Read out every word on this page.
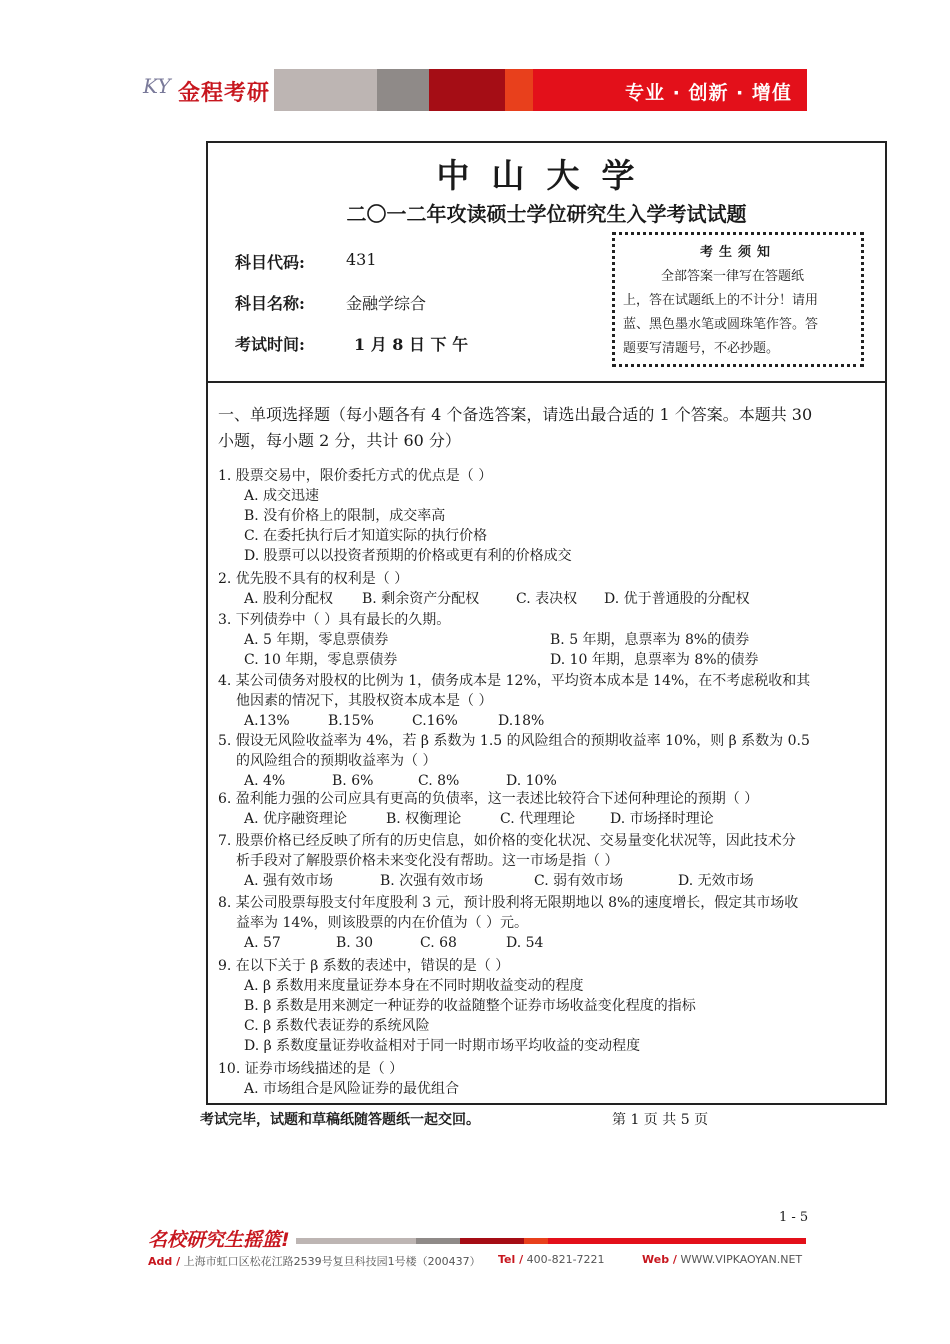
KY 金程考研	专业 · 创新 · 增值
中山大学
二〇一二年攻读硕士学位研究生入学考试试题
科目代码:	431
科目名称:	金融学综合
考试时间:	1 月 8 日 下 午
考生须知
全部答案一律写在答题纸
上，答在试题纸上的不计分！请用
蓝、黑色墨水笔或圆珠笔作答。答
题要写清题号，不必抄题。
一、单项选择题（每小题各有 4 个备选答案，请选出最合适的 1 个答案。本题共 30
小题，每小题 2 分，共计 60 分）
1. 股票交易中，限价委托方式的优点是（ ）
A. 成交迅速
B. 没有价格上的限制，成交率高
C. 在委托执行后才知道实际的执行价格
D. 股票可以以投资者预期的价格或更有利的价格成交
2. 优先股不具有的权利是（ ）
A. 股利分配权 B. 剩余资产分配权	C. 表决权 D. 优于普通股的分配权
3. 下列债券中（ ）具有最长的久期。
A. 5 年期，零息票债券	B. 5 年期，息票率为 8%的债券
C. 10 年期，零息票债券	D. 10 年期，息票率为 8%的债券
4. 某公司债务对股权的比例为 1，债务成本是 12%，平均资本成本是 14%，在不考虑税收和其
他因素的情况下，其股权资本成本是（ ）
A.13%	B.15%	C.16%	D.18%
5. 假设无风险收益率为 4%，若 β 系数为 1.5 的风险组合的预期收益率 10%，则 β 系数为 0.5
的风险组合的预期收益率为（ ）
A. 4%	B. 6%	C. 8%	D. 10%
6. 盈利能力强的公司应具有更高的负债率，这一表述比较符合下述何种理论的预期（ ）
A. 优序融资理论	B. 权衡理论	C. 代理理论 D. 市场择时理论
7. 股票价格已经反映了所有的历史信息，如价格的变化状况、交易量变化状况等，因此技术分
析手段对了解股票价格未来变化没有帮助。这一市场是指（ ）
A. 强有效市场	B. 次强有效市场	C. 弱有效市场	D. 无效市场
8. 某公司股票每股支付年度股利 3 元，预计股利将无限期地以 8%的速度增长，假定其市场收
益率为 14%，则该股票的内在价值为（ ）元。
A. 57	B. 30	C. 68	D. 54
9. 在以下关于 β 系数的表述中，错误的是（ ）
A. β 系数用来度量证券本身在不同时期收益变动的程度
B. β 系数是用来测定一种证券的收益随整个证券市场收益变化程度的指标
C. β 系数代表证券的系统风险
D. β 系数度量证券收益相对于同一时期市场平均收益的变动程度
10. 证券市场线描述的是（ ）
A. 市场组合是风险证券的最优组合
考试完毕，试题和草稿纸随答题纸一起交回。	第 1 页 共 5 页
1 - 5
名校研究生摇篮!
Add / 上海市虹口区松花江路2539号复旦科技园1号楼（200437） Tel / 400-821-7221	Web / WWW.VIPKAOYAN.NET
